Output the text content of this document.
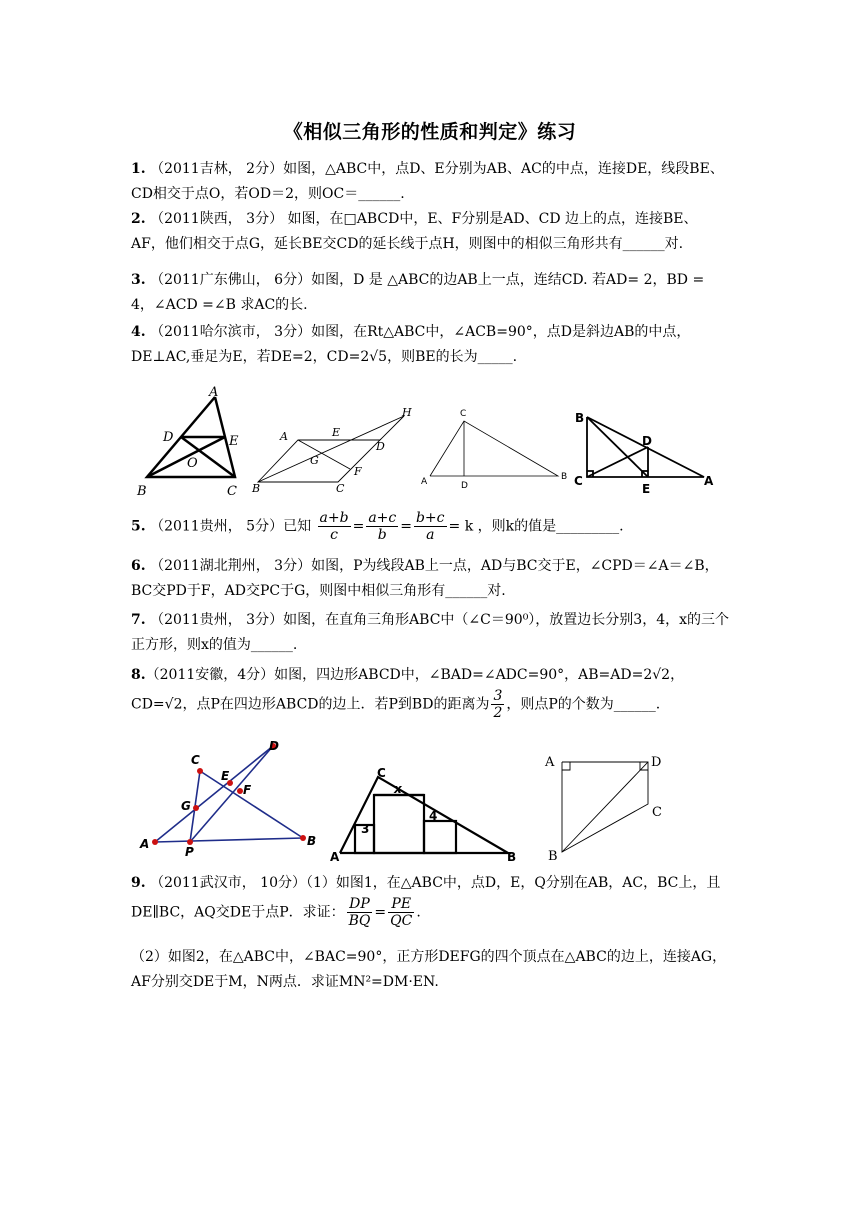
《相似三角形的性质和判定》练习
1. （2011吉林， 2分）如图，△ABC中，点D、E分别为AB、AC的中点，连接DE，线段BE、CD相交于点O，若OD＝2，则OC＝______.
2. （2011陕西， 3分） 如图，在□ABCD中，E、F分别是AD、CD 边上的点，连接BE、AF，他们相交于点G，延长BE交CD的延长线于点H，则图中的相似三角形共有______对.
3. （2011广东佛山， 6分）如图，D 是 △ABC的边AB上一点，连结CD. 若AD= 2，BD = 4，∠ACD =∠B 求AC的长.
4. （2011哈尔滨市， 3分）如图，在Rt△ABC中，∠ACB=90°，点D是斜边AB的中点，DE⊥AC,垂足为E，若DE=2，CD=2√5，则BE的长为_____.
A
D	E
O
B	C
A	E
D
H
G
F
B	C
C
A	D
B
B
D
C
E
A
5. （2011贵州， 5分）已知 $\frac{a+b}{c} = \frac{a+c}{b} = \frac{b+c}{a} = k$ ，则k的值是_________.
6. （2011湖北荆州， 3分）如图，P为线段AB上一点，AD与BC交于E，∠CPD＝∠A＝∠B，BC交PD于F，AD交PC于G，则图中相似三角形有______对.
7. （2011贵州， 3分）如图，在直角三角形ABC中（∠C＝90⁰），放置边长分别3，4，x的三个正方形，则x的值为______.
8.（2011安徽，4分）如图，四边形ABCD中，∠BAD=∠ADC=90°，AB=AD=2√2，CD=√2，点P在四边形ABCD的边上．若P到BD的距离为 $\frac{3}{2}$ ，则点P的个数为______.
C
D
E
G
F
A
P
B
C
x
3
4
A	B
A	D
C
B
9. （2011武汉市， 10分）（1）如图1，在△ABC中，点D，E，Q分别在AB，AC，BC上，且DE∥BC，AQ交DE于点P．求证： $\frac{DP}{BQ} = \frac{PE}{QC}$ .
（2）如图2，在△ABC中，∠BAC=90°，正方形DEFG的四个顶点在△ABC的边上，连接AG，AF分别交DE于M，N两点．求证MN²=DM·EN.
